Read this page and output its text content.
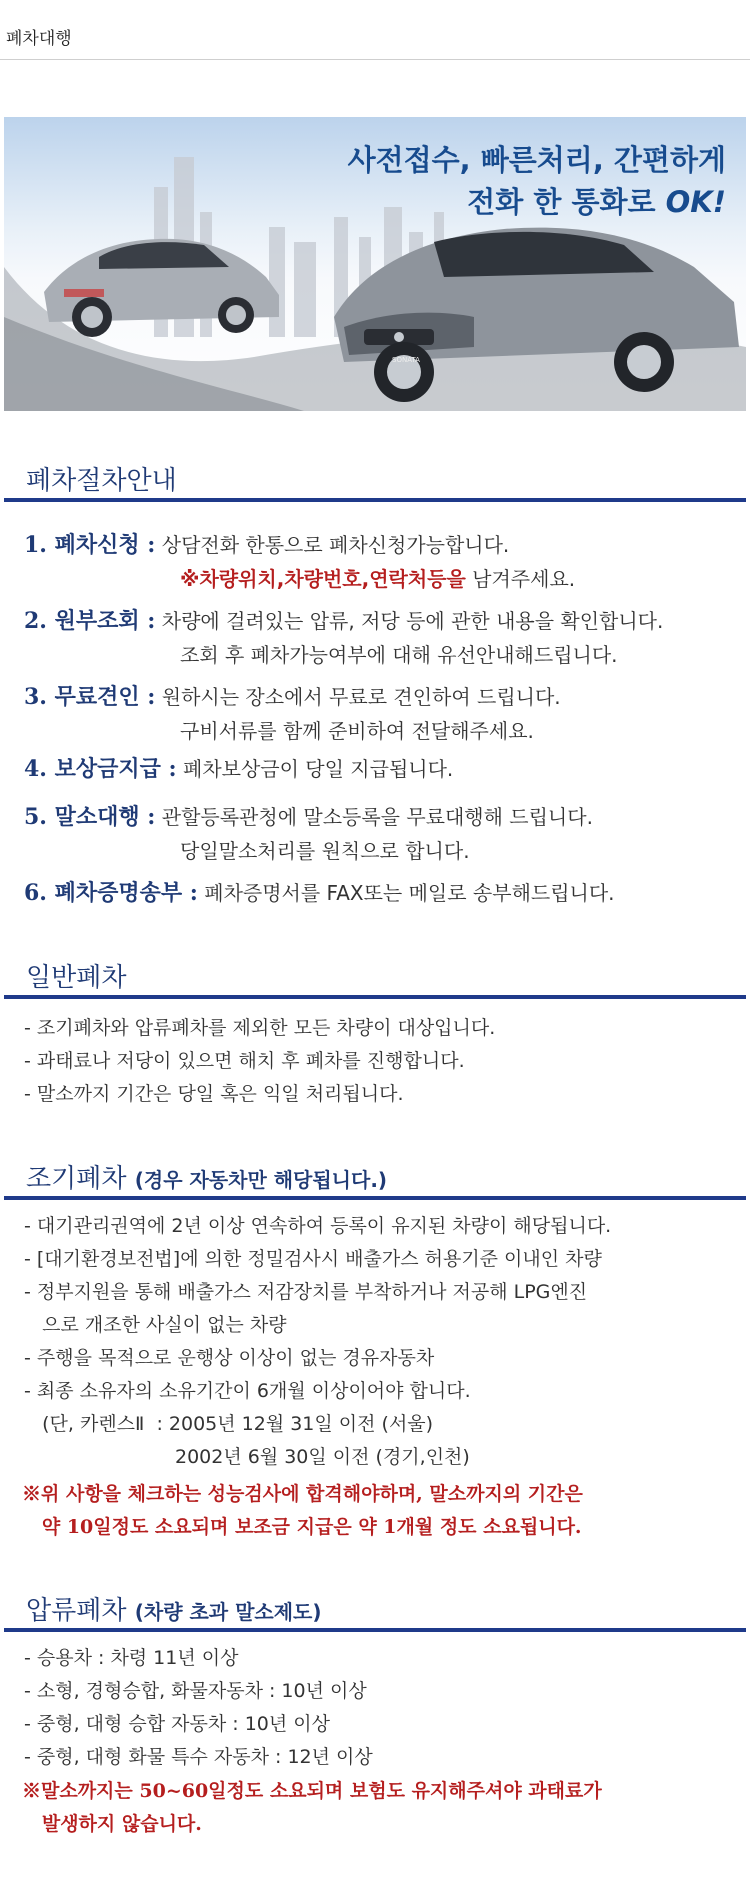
폐차대행
SONATA
사전접수, 빠른처리, 간편하게
전화 한 통화로 OK!
폐차절차안내
1. 폐차신청 : 상담전화 한통으로 폐차신청가능합니다.
※차량위치,차량번호,연락처등을 남겨주세요.
2. 원부조회 : 차량에 걸려있는 압류, 저당 등에 관한 내용을 확인합니다.
조회 후 폐차가능여부에 대해 유선안내해드립니다.
3. 무료견인 : 원하시는 장소에서 무료로 견인하여 드립니다.
구비서류를 함께 준비하여 전달해주세요.
4. 보상금지급 : 폐차보상금이 당일 지급됩니다.
5. 말소대행 : 관할등록관청에 말소등록을 무료대행해 드립니다.
당일말소처리를 원칙으로 합니다.
6. 폐차증명송부 : 폐차증명서를 FAX또는 메일로 송부해드립니다.
일반폐차
- 조기폐차와 압류폐차를 제외한 모든 차량이 대상입니다.
- 과태료나 저당이 있으면 해치 후 폐차를 진행합니다.
- 말소까지 기간은 당일 혹은 익일 처리됩니다.
조기폐차 (경우 자동차만 해당됩니다.)
- 대기관리권역에 2년 이상 연속하여 등록이 유지된 차량이 해당됩니다.
- [대기환경보전법]에 의한 정밀검사시 배출가스 허용기준 이내인 차량
- 정부지원을 통해 배출가스 저감장치를 부착하거나 저공해 LPG엔진
으로 개조한 사실이 없는 차량
- 주행을 목적으로 운행상 이상이 없는 경유자동차
- 최종 소유자의 소유기간이 6개월 이상이어야 합니다.
(단, 카렌스Ⅱ  : 2005년 12월 31일 이전 (서울)
2002년 6월 30일 이전 (경기,인천)
※위 사항을 체크하는 성능검사에 합격해야하며, 말소까지의 기간은
약 10일정도 소요되며 보조금 지급은 약 1개월 정도 소요됩니다.
압류폐차 (차량 초과 말소제도)
- 승용차 : 차령 11년 이상
- 소형, 경형승합, 화물자동차 : 10년 이상
- 중형, 대형 승합 자동차 : 10년 이상
- 중형, 대형 화물 특수 자동차 : 12년 이상
※말소까지는 50~60일정도 소요되며 보험도 유지해주셔야 과태료가
발생하지 않습니다.
